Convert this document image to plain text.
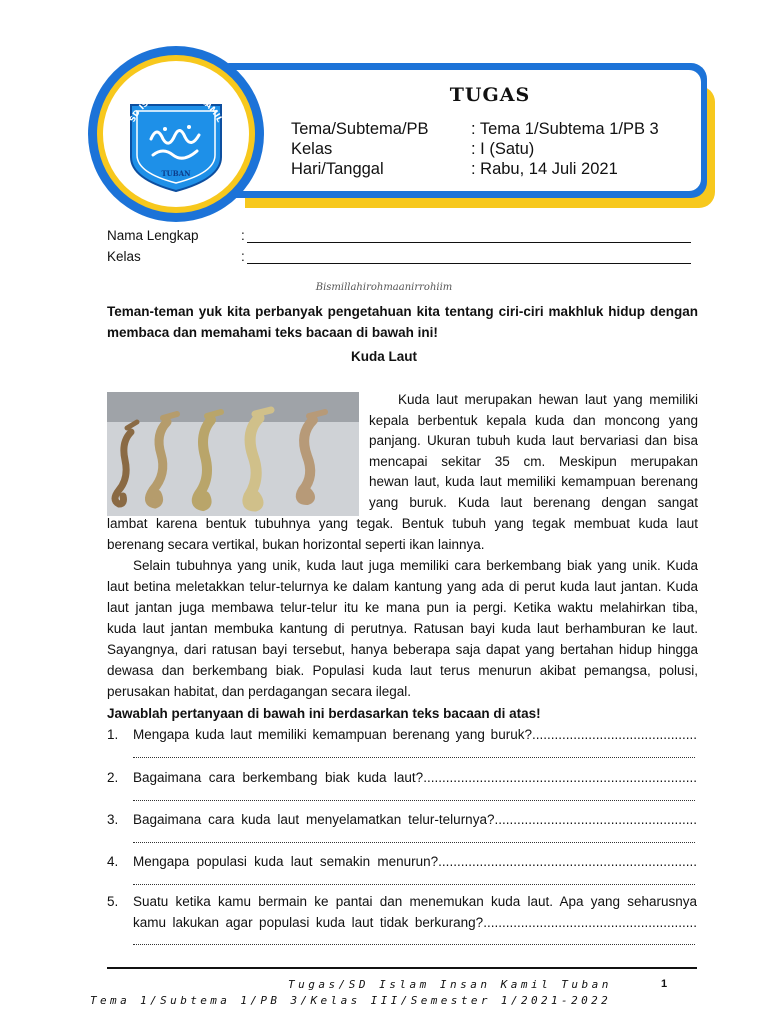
TUGAS
Tema/Subtema/PB	: Tema 1/Subtema 1/PB 3
Kelas	: I (Satu)
Hari/Tanggal	: Rabu, 14 Juli 2021
SD ISLAM INSAN KAMIL
TUBAN
Nama Lengkap	:
Kelas	:
Bismillahirohmaanirrohiim
Teman-teman yuk kita perbanyak pengetahuan kita tentang ciri-ciri makhluk hidup dengan membaca dan memahami teks bacaan di bawah ini!
Kuda Laut
Kuda laut merupakan hewan laut yang memiliki
kepala berbentuk kepala kuda dan moncong yang
panjang. Ukuran tubuh kuda laut bervariasi dan bisa
mencapai sekitar 35 cm. Meskipun merupakan
hewan laut, kuda laut memiliki kemampuan berenang
yang buruk. Kuda laut berenang dengan sangat
lambat karena bentuk tubuhnya yang tegak. Bentuk tubuh yang tegak membuat kuda laut
berenang secara vertikal, bukan horizontal seperti ikan lainnya.
Selain tubuhnya yang unik, kuda laut juga memiliki cara berkembang biak yang unik. Kuda
laut betina meletakkan telur-telurnya ke dalam kantung yang ada di perut kuda laut jantan. Kuda
laut jantan juga membawa telur-telur itu ke mana pun ia pergi. Ketika waktu melahirkan tiba,
kuda laut jantan membuka kantung di perutnya. Ratusan bayi kuda laut berhamburan ke laut.
Sayangnya, dari ratusan bayi tersebut, hanya beberapa saja dapat yang bertahan hidup hingga
dewasa dan berkembang biak. Populasi kuda laut terus menurun akibat pemangsa, polusi,
perusakan habitat, dan perdagangan secara ilegal.
Jawablah pertanyaan di bawah ini berdasarkan teks bacaan di atas!
1. Mengapa kuda laut memiliki kemampuan berenang yang buruk?............................................
2. Bagaimana cara berkembang biak kuda laut?.........................................................................
3. Bagaimana cara kuda laut menyelamatkan telur-telurnya?......................................................
4. Mengapa populasi kuda laut semakin menurun?.....................................................................
5. Suatu ketika kamu bermain ke pantai dan menemukan kuda laut. Apa yang seharusnya
kamu lakukan agar populasi kuda laut tidak berkurang?.........................................................
Tugas/SD Islam Insan Kamil Tuban	1
Tema 1/Subtema 1/PB 3/Kelas III/Semester 1/2021-2022
